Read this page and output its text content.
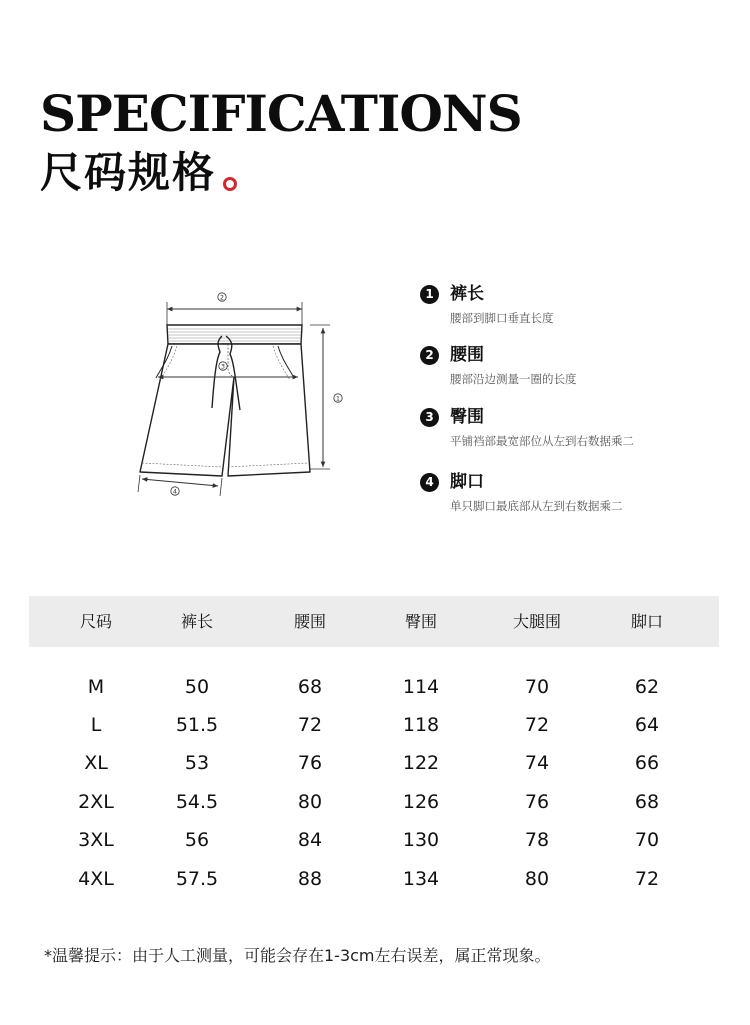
SPECIFICATIONS
尺码规格
2
3
1
4
1 裤长
腰部到脚口垂直长度
2 腰围
腰部沿边测量一圈的长度
3 臀围
平铺裆部最宽部位从左到右数据乘二
4 脚口
单只脚口最底部从左到右数据乘二
尺码	裤长	腰围	臀围	大腿围	脚口
M	50	68	114	70	62
L	51.5	72	118	72	64
XL	53	76	122	74	66
2XL	54.5	80	126	76	68
3XL	56	84	130	78	70
4XL	57.5	88	134	80	72
*温馨提示：由于人工测量，可能会存在1-3cm左右误差，属正常现象。
